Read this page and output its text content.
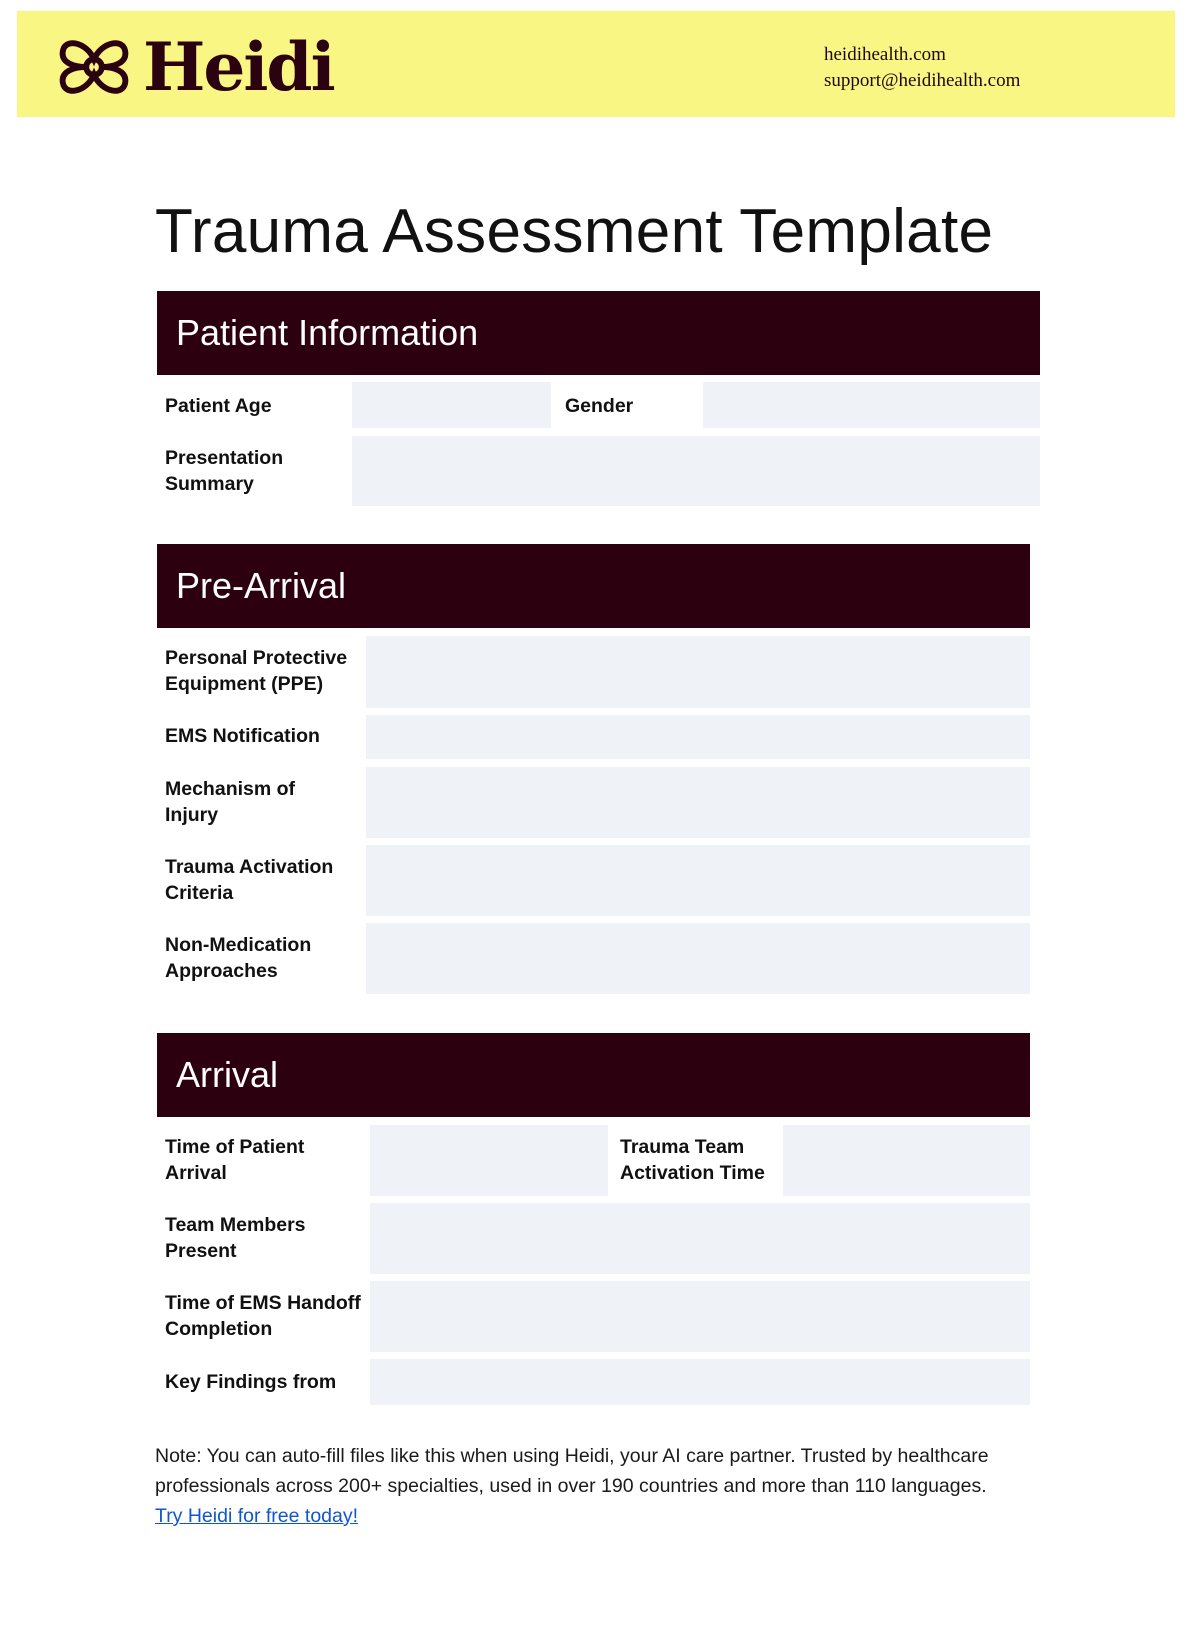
Heidi	heidihealth.com
support@heidihealth.com
Trauma Assessment Template
Patient Information
Patient Age	Gender
Presentation Summary
Pre-Arrival
Personal Protective Equipment (PPE)
EMS Notification
Mechanism of Injury
Trauma Activation Criteria
Non-Medication Approaches
Arrival
Time of Patient Arrival
Trauma Team Activation Time
Team Members Present
Time of EMS Handoff Completion
Key Findings from
Note: You can auto-fill files like this when using Heidi, your AI care partner. Trusted by healthcare professionals across 200+ specialties, used in over 190 countries and more than 110 languages.
Try Heidi for free today!
